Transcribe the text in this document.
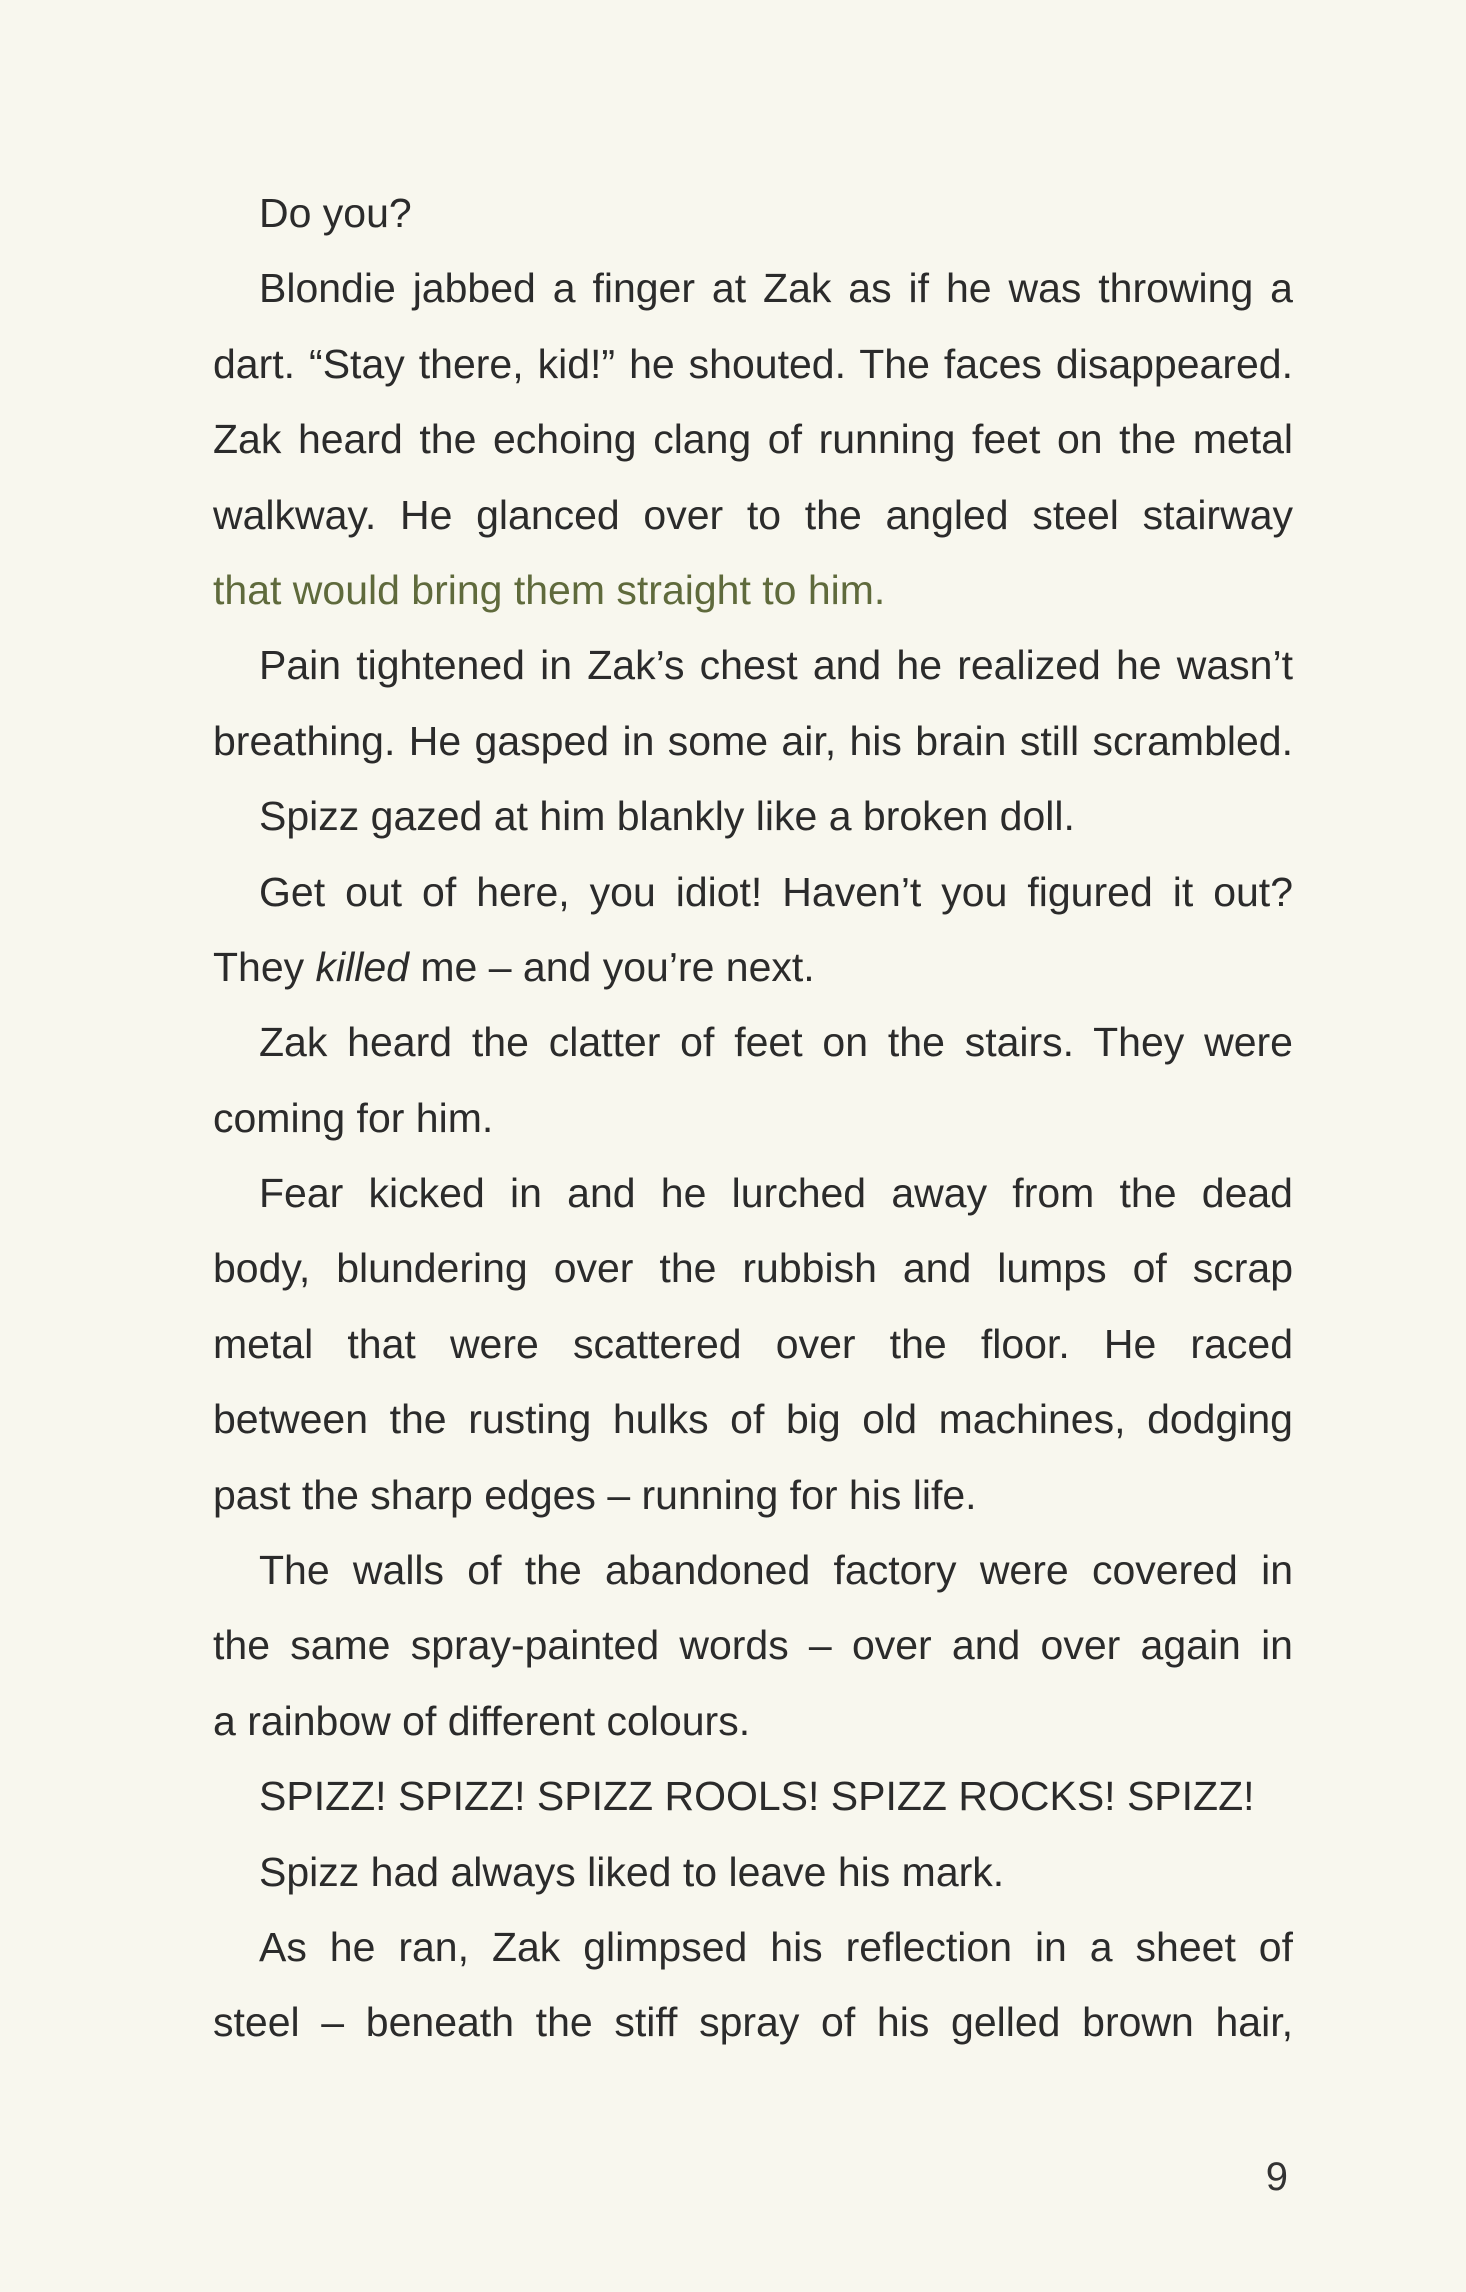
Do you?
Blondie jabbed a finger at Zak as if he was throwing a
dart. “Stay there, kid!” he shouted. The faces disappeared.
Zak heard the echoing clang of running feet on the metal
walkway. He glanced over to the angled steel stairway
that would bring them straight to him.
Pain tightened in Zak’s chest and he realized he wasn’t
breathing. He gasped in some air, his brain still scrambled.
Spizz gazed at him blankly like a broken doll.
Get out of here, you idiot! Haven’t you figured it out?
They killed me – and you’re next.
Zak heard the clatter of feet on the stairs. They were
coming for him.
Fear kicked in and he lurched away from the dead
body, blundering over the rubbish and lumps of scrap
metal that were scattered over the floor. He raced
between the rusting hulks of big old machines, dodging
past the sharp edges – running for his life.
The walls of the abandoned factory were covered in
the same spray-painted words – over and over again in
a rainbow of different colours.
SPIZZ! SPIZZ! SPIZZ ROOLS! SPIZZ ROCKS! SPIZZ!
Spizz had always liked to leave his mark.
As he ran, Zak glimpsed his reflection in a sheet of
steel – beneath the stiff spray of his gelled brown hair,
9
